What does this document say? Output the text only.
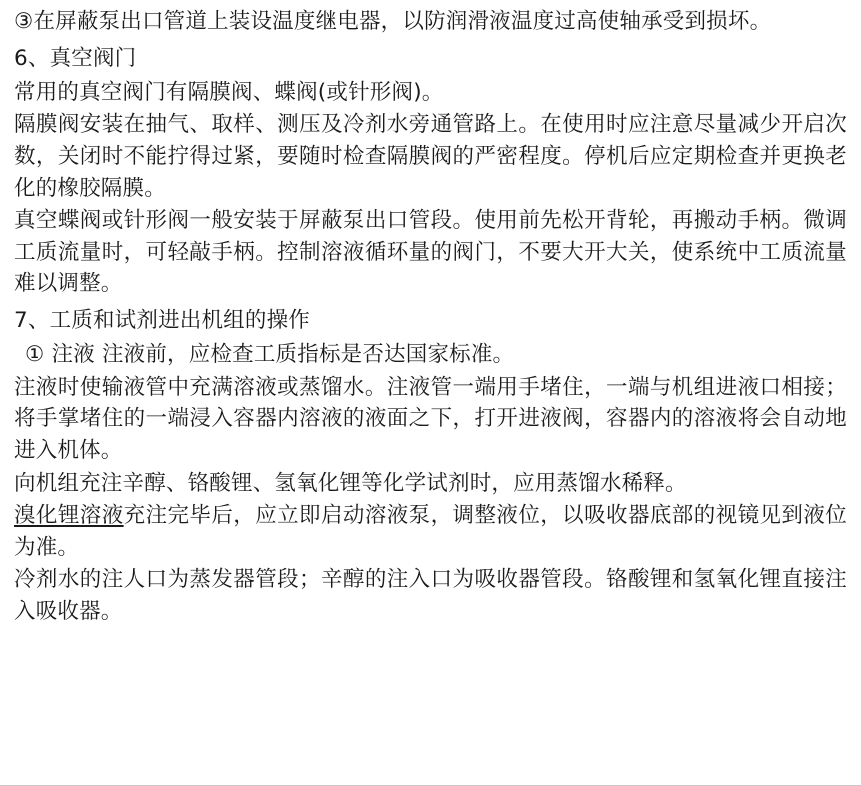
③在屏蔽泵出口管道上装设温度继电器，以防润滑液温度过高使轴承受到损坏。

6、真空阀门

常用的真空阀门有隔膜阀、蝶阀(或针形阀)。

隔膜阀安装在抽气、取样、测压及冷剂水旁通管路上。在使用时应注意尽量减少开启次数，关闭时不能拧得过紧，要随时检查隔膜阀的严密程度。停机后应定期检查并更换老化的橡胶隔膜。

真空蝶阀或针形阀一般安装于屏蔽泵出口管段。使用前先松开背轮，再搬动手柄。微调工质流量时，可轻敲手柄。控制溶液循环量的阀门，不要大开大关，使系统中工质流量难以调整。

7、工质和试剂进出机组的操作

① 注液 注液前，应检查工质指标是否达国家标准。

注液时使输液管中充满溶液或蒸馏水。注液管一端用手堵住，一端与机组进液口相接；将手掌堵住的一端浸入容器内溶液的液面之下，打开进液阀，容器内的溶液将会自动地进入机体。

向机组充注辛醇、铬酸锂、氢氧化锂等化学试剂时，应用蒸馏水稀释。

溴化锂溶液充注完毕后，应立即启动溶液泵，调整液位，以吸收器底部的视镜见到液位为准。

冷剂水的注人口为蒸发器管段；辛醇的注入口为吸收器管段。铬酸锂和氢氧化锂直接注入吸收器。
